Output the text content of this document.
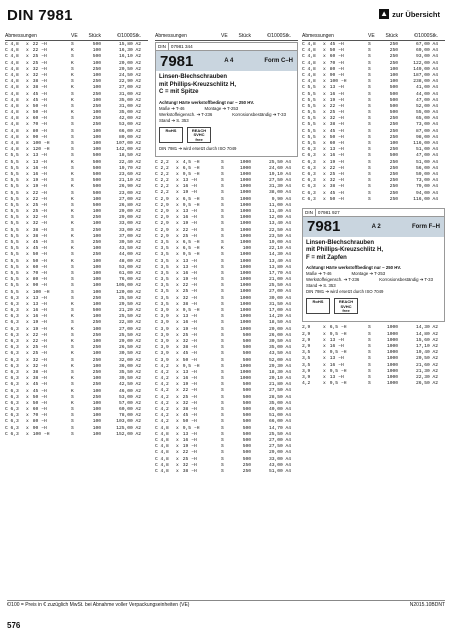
DIN 7981	▲ zur Übersicht
Abmessungen	VE	Stück	€/1000Stk.
C 4,8	x 22 –H	S	500	15,80 A2
C 4,8	x 22 –H	K	100	16,30 A2
C 4,8	x 25 –H	S	500	16,10 A2
C 4,8	x 25 –H	K	100	20,00 A2
C 4,8	x 32 –H	S	250	20,50 A2
C 4,8	x 32 –H	K	100	24,50 A2
C 4,8	x 38 –H	S	250	22,90 A2
C 4,8	x 38 –H	K	100	27,00 A2
C 4,8	x 45 –H	S	250	31,00 A2
C 4,8	x 45 –H	K	100	35,00 A2
C 4,8	x 50 –H	S	250	31,00 A2
C 4,8	x 50 –H	K	100	35,00 A2
C 4,8	x 60 –H	S	250	42,00 A2
C 4,8	x 70 –H	S	250	53,00 A2
C 4,8	x 80 –H	S	100	66,00 A2
C 4,8	x 90 –H	S	100	80,00 A2
C 4,8	x 100 –H	S	100	107,00 A2
C 4,8	x 120 –H	S	100	142,00 A2
C 5,5	x 13 –H	S	500	18,50 A2
C 5,5	x 13 –H	K	500	22,40 A2
C 5,5	x 16 –H	S	500	19,70 A2
C 5,5	x 16 –H	K	500	23,60 A2
C 5,5	x 19 –H	S	500	21,10 A2
C 5,5	x 19 –H	K	500	26,90 A2
C 5,5	x 22 –H	S	500	23,00 A2
C 5,5	x 22 –H	K	100	27,00 A2
C 5,5	x 25 –H	S	500	26,80 A2
C 5,5	x 25 –H	K	100	29,00 A2
C 5,5	x 32 –H	S	250	29,00 A2
C 5,5	x 32 –H	K	100	33,00 A2
C 5,5	x 38 –H	S	250	33,00 A2
C 5,5	x 38 –H	K	100	37,00 A2
C 5,5	x 45 –H	S	250	39,50 A2
C 5,5	x 45 –H	K	100	43,50 A2
C 5,5	x 50 –H	S	250	44,00 A2
C 5,5	x 50 –H	K	100	48,00 A2
C 5,5	x 60 –H	S	100	53,00 A2
C 5,5	x 70 –H	S	100	61,00 A2
C 5,5	x 80 –H	S	100	76,00 A2
C 5,5	x 90 –H	S	100	105,00 A2
C 5,5	x 100 –H	S	100	120,00 A2
C 6,3	x 13 –H	S	250	25,50 A2
C 6,3	x 13 –H	K	100	29,50 A2
C 6,3	x 16 –H	S	500	21,20 A2
C 6,3	x 16 –H	K	100	25,50 A2
C 6,3	x 19 –H	S	250	22,80 A2
C 6,3	x 19 –H	K	100	27,00 A2
C 6,3	x 22 –H	S	250	25,50 A2
C 6,3	x 22 –H	K	100	29,00 A2
C 6,3	x 25 –H	S	250	26,50 A2
C 6,3	x 25 –H	K	100	30,50 A2
C 6,3	x 32 –H	S	250	32,00 A2
C 6,3	x 32 –H	K	100	36,00 A2
C 6,3	x 38 –H	S	250	35,50 A2
C 6,3	x 38 –H	K	100	39,50 A2
C 6,3	x 45 –H	S	250	42,50 A2
C 6,3	x 45 –H	K	100	46,00 A2
C 6,3	x 50 –H	S	250	53,00 A2
C 6,3	x 50 –H	K	100	57,00 A2
C 6,3	x 60 –H	S	100	60,00 A2
C 6,3	x 70 –H	S	100	78,00 A2
C 6,3	x 80 –H	S	100	103,00 A2
C 6,3	x 90 –H	S	100	125,00 A2
C 6,3	x 100 –H	S	100	152,00 A2
Abmessungen	VE	Stück	€/1000Stk.
DIN	07981 344
7981	A 4	Form C–H
Linsen-Blechschrauben
mit Phillips-Kreuzschlitz H,
C = mit Spitze
Achtung! Härte werkstoffbedingt nur ~ 250 HV.
Maße ➔ T-46	Montage ➔ T-253
Werkstoffeigensch. ➔ T-236	Korrosionsbeständig ➔ T-33
Stand ➔ S. 353
RoHS	REACH SVHC free
DIN 7981 ➔ wird ersetzt durch ISO 7049
C 2,2	x 4,5 –H	S	1000	25,50 A4
C 2,2	x 6,5 –H	S	1000	24,60 A4
C 2,2	x 9,5 –H	S	1000	19,10 A4
C 2,2	x 13 –H	S	1000	27,50 A4
C 2,2	x 16 –H	S	1000	31,30 A4
C 2,2	x 19 –H	S	1000	38,00 A4
C 2,9	x 6,5 –H	S	1000	9,90 A4
C 2,9	x 9,5 –H	S	1000	11,00 A4
C 2,9	x 13 –H	S	1000	11,40 A4
C 2,9	x 16 –H	S	1000	12,00 A4
C 2,9	x 19 –H	S	1000	13,40 A4
C 2,9	x 22 –H	S	1000	22,50 A4
C 2,9	x 25 –H	S	1000	23,50 A4
C 3,5	x 6,5 –H	S	1000	19,00 A4
C 3,5	x 6,5 –H	K	100	22,10 A4
C 3,5	x 9,5 –H	S	1000	14,30 A4
C 3,5	x 13 –H	S	1000	13,40 A4
C 3,5	x 13 –H	S	1000	13,80 A4
C 3,5	x 16 –H	S	1000	17,70 A4
C 3,5	x 19 –H	S	1000	21,00 A4
C 3,5	x 22 –H	S	1000	25,50 A4
C 3,5	x 25 –H	S	1000	27,00 A4
C 3,5	x 32 –H	S	1000	30,00 A4
C 3,5	x 38 –H	S	1000	31,50 A4
C 3,9	x 9,5 –H	S	1000	17,00 A4
C 3,9	x 13 –H	S	1000	14,20 A4
C 3,9	x 16 –H	S	1000	18,50 A4
C 3,9	x 19 –H	S	1000	20,00 A4
C 3,9	x 25 –H	S	500	26,00 A4
C 3,9	x 32 –H	S	500	30,50 A4
C 3,9	x 38 –H	S	500	35,00 A4
C 3,9	x 45 –H	S	500	43,50 A4
C 3,9	x 50 –H	S	500	52,00 A4
C 4,2	x 9,5 –H	S	1000	29,30 A4
C 4,2	x 13 –H	S	1000	18,30 A4
C 4,2	x 16 –H	S	1000	20,10 A4
C 4,2	x 19 –H	S	500	21,80 A4
C 4,2	x 22 –H	S	500	27,50 A4
C 4,2	x 25 –H	S	500	28,50 A4
C 4,2	x 32 –H	S	500	35,00 A4
C 4,2	x 38 –H	S	500	40,00 A4
C 4,2	x 45 –H	S	500	51,00 A4
C 4,2	x 50 –H	S	500	66,00 A4
C 4,8	x 9,5 –H	S	500	14,70 A4
C 4,8	x 13 –H	S	500	25,50 A4
C 4,8	x 16 –H	S	500	27,00 A4
C 4,8	x 19 –H	S	500	27,50 A4
C 4,8	x 22 –H	S	500	29,00 A4
C 4,8	x 25 –H	S	500	33,00 A4
C 4,8	x 32 –H	S	250	43,00 A4
C 4,8	x 38 –H	S	250	51,00 A4
Abmessungen	VE	Stück	€/1000Stk.
C 4,8	x 45 –H	S	250	67,00 A4
C 4,8	x 50 –H	S	250	69,00 A4
C 4,8	x 60 –H	S	250	93,00 A4
C 4,8	x 70 –H	S	250	122,00 A4
C 4,8	x 80 –H	S	100	149,00 A4
C 4,8	x 90 –H	S	100	187,00 A4
C 4,8	x 100 –H	S	100	238,00 A4
C 5,5	x 13 –H	S	500	41,00 A4
C 5,5	x 16 –H	S	500	44,00 A4
C 5,5	x 19 –H	S	500	47,00 A4
C 5,5	x 22 –H	S	500	52,00 A4
C 5,5	x 25 –H	S	500	55,00 A4
C 5,5	x 32 –H	S	250	65,00 A4
C 5,5	x 38 –H	S	250	73,00 A4
C 5,5	x 45 –H	S	250	87,00 A4
C 5,5	x 50 –H	S	250	98,00 A4
C 5,5	x 60 –H	S	100	116,00 A4
C 6,3	x 13 –H	S	250	51,00 A4
C 6,3	x 16 –H	S	500	47,00 A4
C 6,3	x 19 –H	S	250	51,00 A4
C 6,3	x 22 –H	S	250	56,00 A4
C 6,3	x 25 –H	S	250	59,00 A4
C 6,3	x 32 –H	S	250	73,00 A4
C 6,3	x 38 –H	S	250	79,00 A4
C 6,3	x 45 –H	S	250	94,00 A4
C 6,3	x 50 –H	S	250	116,00 A4
DIN	07981 927
7981	A 2	Form F–H
Linsen-Blechschrauben
mit Phillips-Kreuzschlitz H,
F = mit Zapfen
Achtung! Härte werkstoffbedingt nur ~ 250 HV.
Maße ➔ T-46	Montage ➔ T-253
Werkstoffeigensch. ➔ T-236	Korrosionsbeständig ➔ T-33
Stand ➔ S. 353
DIN 7981 ➔ wird ersetzt durch ISO 7049
RoHS	REACH SVHC free
2,9	x 6,5 –H	S	1000	14,30 A2
2,9	x 9,5 –H	S	1000	14,80 A2
2,9	x 13 –H	S	1000	15,60 A2
2,9	x 16 –H	S	1000	17,10 A2
3,5	x 9,5 –H	S	1000	19,40 A2
3,5	x 13 –H	S	1000	20,50 A2
3,5	x 16 –H	S	1000	21,60 A2
3,9	x 9,5 –H	S	1000	21,30 A2
3,9	x 13 –H	S	1000	22,30 A2
4,2	x 9,5 –H	S	1000	26,50 A2
€/100 = Preis in € zuzüglich MwSt. bei Abnahme voller Verpackungseinheiten (VE)	N2015.10BDNT
576
